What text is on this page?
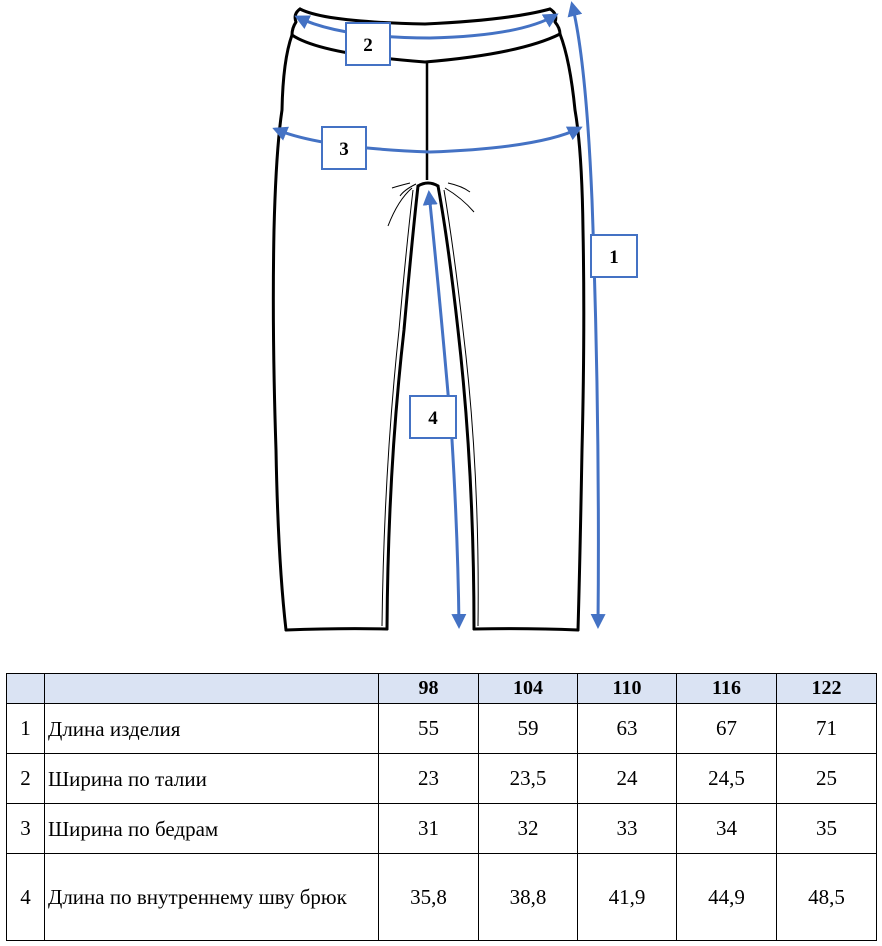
1
2
3
4
		98	104	110	116	122
1	Длина изделия	55	59	63	67	71
2	Ширина по талии	23	23,5	24	24,5	25
3	Ширина по бедрам	31	32	33	34	35
4	Длина по внутреннему шву брюк	35,8	38,8	41,9	44,9	48,5
